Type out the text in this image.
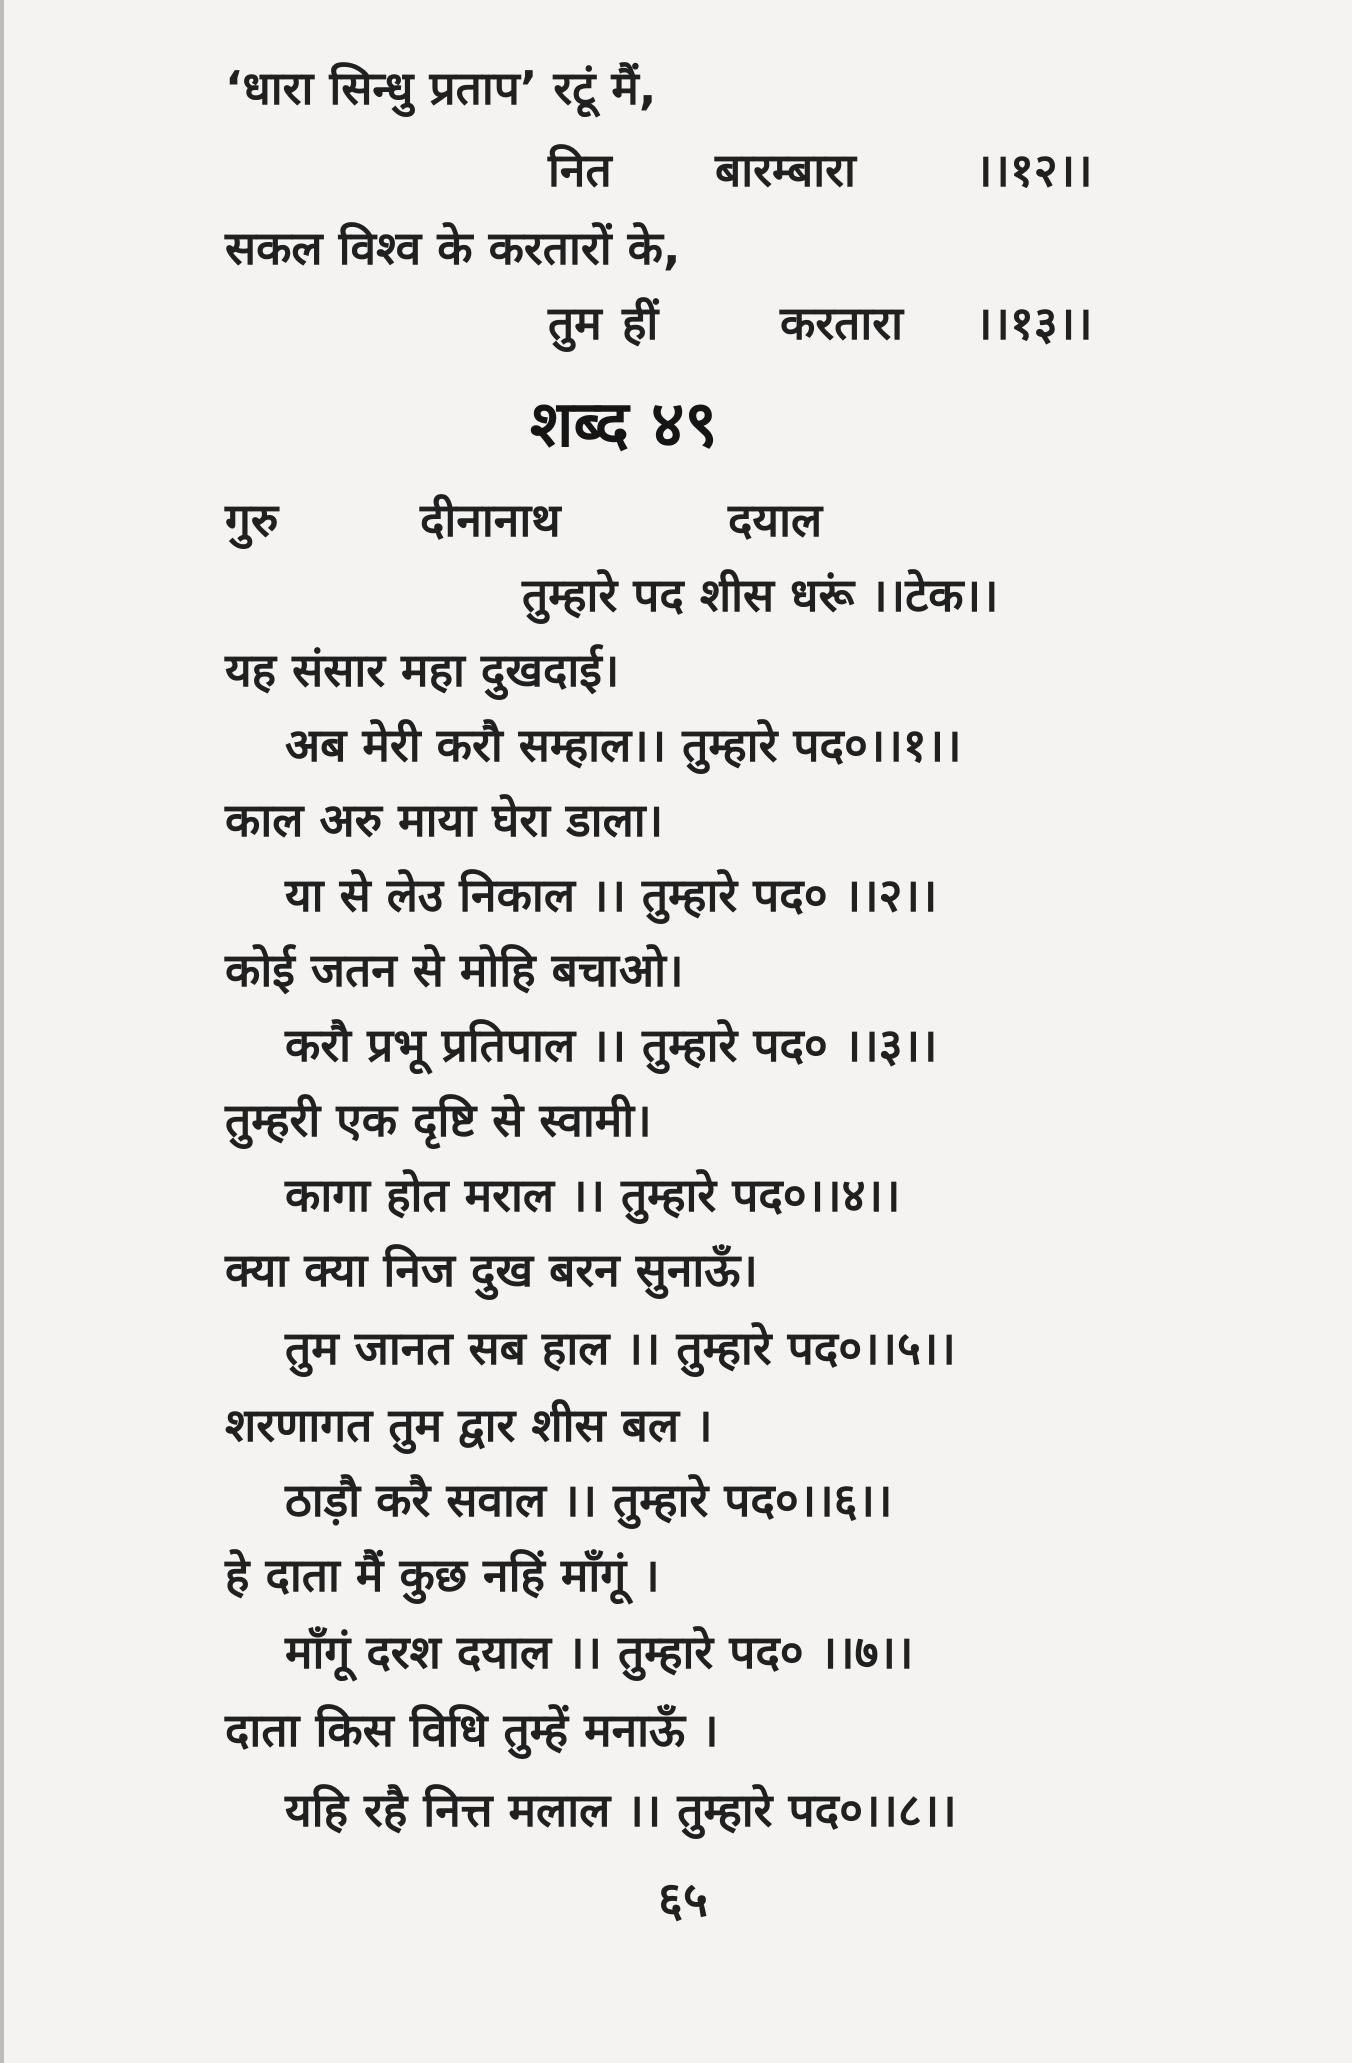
‘धारा सिन्धु प्रताप’ रटूं मैं,
नित बारम्बारा	।।१२।।
सकल विश्व के करतारों के,
तुम हीं	करतारा ।।१३।।
शब्द ४९
गुरु	दीनानाथ	दयाल
तुम्हारे पद शीस धरूं ।।टेक।।
यह संसार महा दुखदाई।
अब मेरी करौ सम्हाल।। तुम्हारे पद०।।१।।
काल अरु माया घेरा डाला।
या से लेउ निकाल ।। तुम्हारे पद० ।।२।।
कोई जतन से मोहि बचाओ।
करौ प्रभू प्रतिपाल ।। तुम्हारे पद० ।।३।।
तुम्हरी एक दृष्टि से स्वामी।
कागा होत मराल ।। तुम्हारे पद०।।४।।
क्या क्या निज दुख बरन सुनाऊँ।
तुम जानत सब हाल ।। तुम्हारे पद०।।५।।
शरणागत तुम द्वार शीस बल ।
ठाड़ौ करै सवाल ।। तुम्हारे पद०।।६।।
हे दाता मैं कुछ नहिं माँगूं ।
माँगूं दरश दयाल ।। तुम्हारे पद० ।।७।।
दाता किस विधि तुम्हें मनाऊँ ।
यहि रहै नित्त मलाल ।। तुम्हारे पद०।।८।।
६५
